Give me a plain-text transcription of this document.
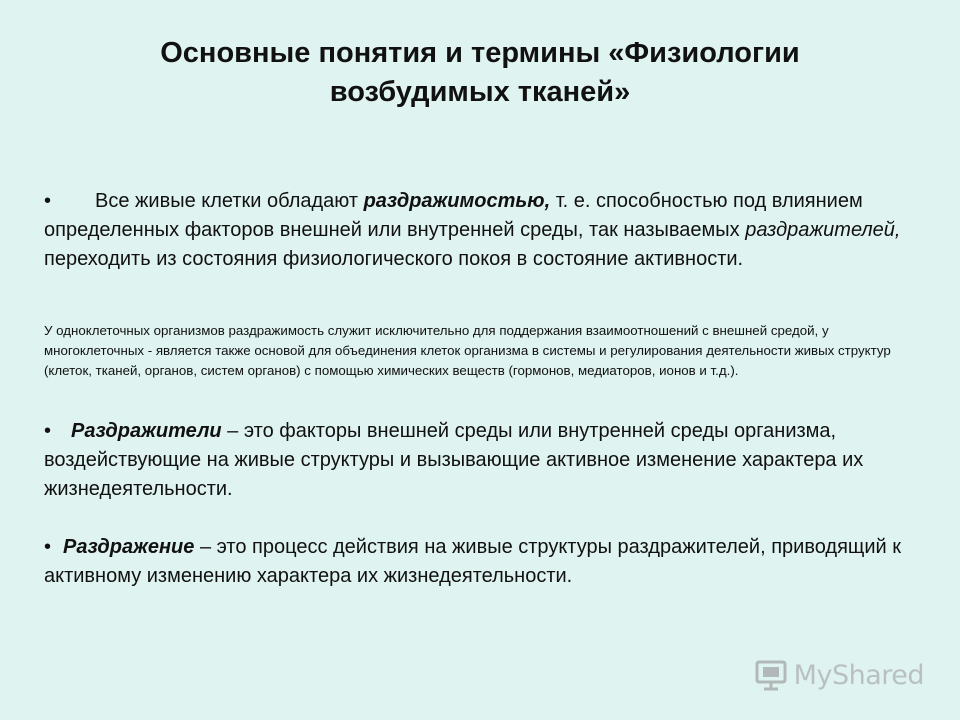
Основные понятия и термины «Физиологии
возбудимых тканей»
• Все живые клетки обладают раздражимостью, т. е. способностью под влиянием определенных факторов внешней или внутренней среды, так называемых раздражителей, переходить из состояния физиологического покоя в состояние активности.
У одноклеточных организмов раздражимость служит исключительно для поддержания взаимоотношений с внешней средой, у многоклеточных - является также основой для объединения клеток организма в системы и регулирования деятельности живых структур (клеток, тканей, органов, систем органов) с помощью химических веществ (гормонов, медиаторов, ионов и т.д.).
• Раздражители – это факторы внешней среды или внутренней среды организма, воздействующие на живые структуры и вызывающие активное изменение характера их жизнедеятельности.
• Раздражение – это процесс действия на живые структуры раздражителей, приводящий к активному изменению характера их жизнедеятельности.
MyShared
